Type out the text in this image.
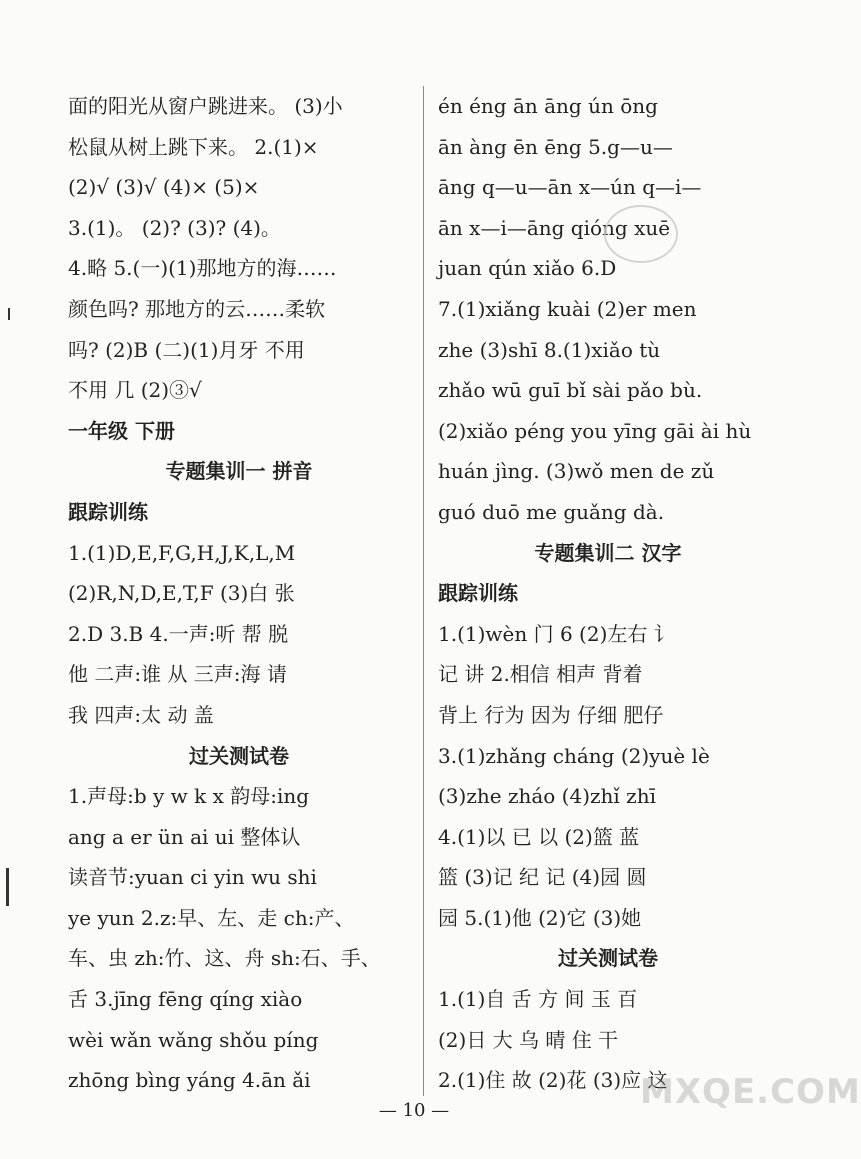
面的阳光从窗户跳进来。 (3)小
松鼠从树上跳下来。 2.(1)×
(2)√ (3)√ (4)× (5)×
3.(1)。 (2)? (3)? (4)。
4.略 5.(一)(1)那地方的海……
颜色吗? 那地方的云……柔软
吗? (2)B (二)(1)月牙 不用
不用 几 (2)③√
一年级 下册
专题集训一 拼音
跟踪训练
1.(1)D,E,F,G,H,J,K,L,M
(2)R,N,D,E,T,F (3)白 张
2.D 3.B 4.一声:听 帮 脱
他 二声:谁 从 三声:海 请
我 四声:太 动 盖
过关测试卷
1.声母:b y w k x 韵母:ing
ang a er ün ai ui 整体认
读音节:yuan ci yin wu shi
ye yun 2.z:早、左、走 ch:产、
车、虫 zh:竹、这、舟 sh:石、手、
舌 3.jīng fēng qíng xiào
wèi wǎn wǎng shǒu píng
zhōng bìng yáng 4.ān ǎi
én éng ān āng ún ōng
ān àng ēn ēng 5.g—u—
āng q—u—ān x—ún q—i—
ān x—i—āng qióng xuē
juan qún xiǎo 6.D
7.(1)xiǎng kuài (2)er men
zhe (3)shī 8.(1)xiǎo tù
zhǎo wū guī bǐ sài pǎo bù.
(2)xiǎo péng you yīng gāi ài hù
huán jìng. (3)wǒ men de zǔ
guó duō me guǎng dà.
专题集训二 汉字
跟踪训练
1.(1)wèn 门 6 (2)左右 讠
记 讲 2.相信 相声 背着
背上 行为 因为 仔细 肥仔
3.(1)zhǎng cháng (2)yuè lè
(3)zhe zháo (4)zhǐ zhī
4.(1)以 已 以 (2)篮 蓝
篮 (3)记 纪 记 (4)园 圆
园 5.(1)他 (2)它 (3)她
过关测试卷
1.(1)自 舌 方 间 玉 百
(2)日 大 乌 晴 住 干
2.(1)住 故 (2)花 (3)应 这
— 10 —	MXQE.COM
